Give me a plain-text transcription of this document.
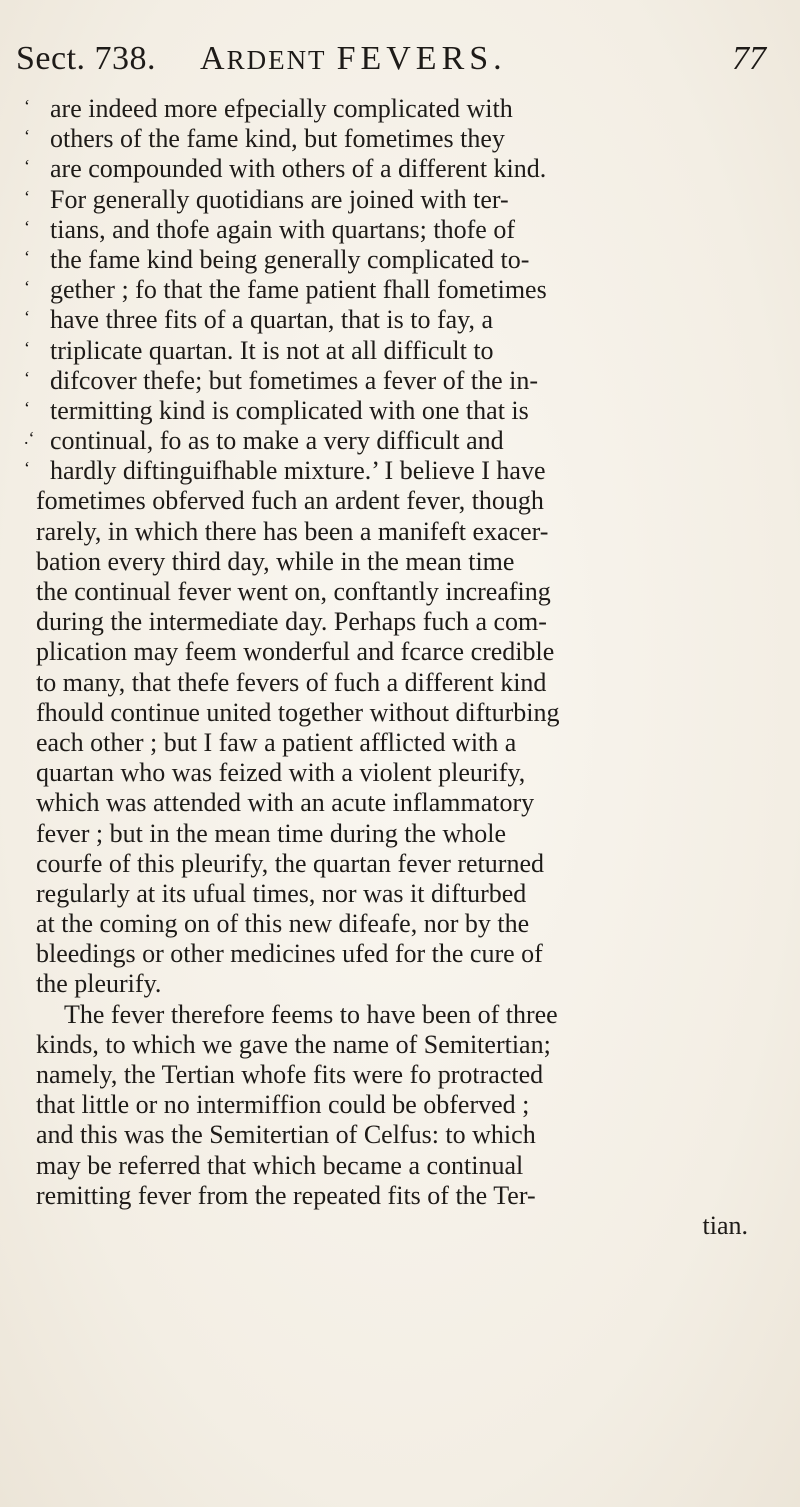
Sect. 738. ARDENT FEVERS.	77
‘ are indeed more efpecially complicated with
‘ others of the fame kind, but fometimes they
‘ are compounded with others of a different kind.
‘ For generally quotidians are joined with ter-
‘ tians, and thofe again with quartans; thofe of
‘ the fame kind being generally complicated to-
‘ gether ; fo that the fame patient fhall fometimes
‘ have three fits of a quartan, that is to fay, a
‘ triplicate quartan. It is not at all difficult to
‘ difcover thefe; but fometimes a fever of the in-
‘ termitting kind is complicated with one that is
.‘ continual, fo as to make a very difficult and
‘ hardly diftinguifhable mixture.’ I believe I have
fometimes obferved fuch an ardent fever, though
rarely, in which there has been a manifeft exacer-
bation every third day, while in the mean time
the continual fever went on, conftantly increafing
during the intermediate day. Perhaps fuch a com-
plication may feem wonderful and fcarce credible
to many, that thefe fevers of fuch a different kind
fhould continue united together without difturbing
each other ; but I faw a patient afflicted with a
quartan who was feized with a violent pleurify,
which was attended with an acute inflammatory
fever ; but in the mean time during the whole
courfe of this pleurify, the quartan fever returned
regularly at its ufual times, nor was it difturbed
at the coming on of this new difeafe, nor by the
bleedings or other medicines ufed for the cure of
the pleurify.
The fever therefore feems to have been of three
kinds, to which we gave the name of Semitertian;
namely, the Tertian whofe fits were fo protracted
that little or no intermiffion could be obferved ;
and this was the Semitertian of Celfus: to which
may be referred that which became a continual
remitting fever from the repeated fits of the Ter-
tian.
